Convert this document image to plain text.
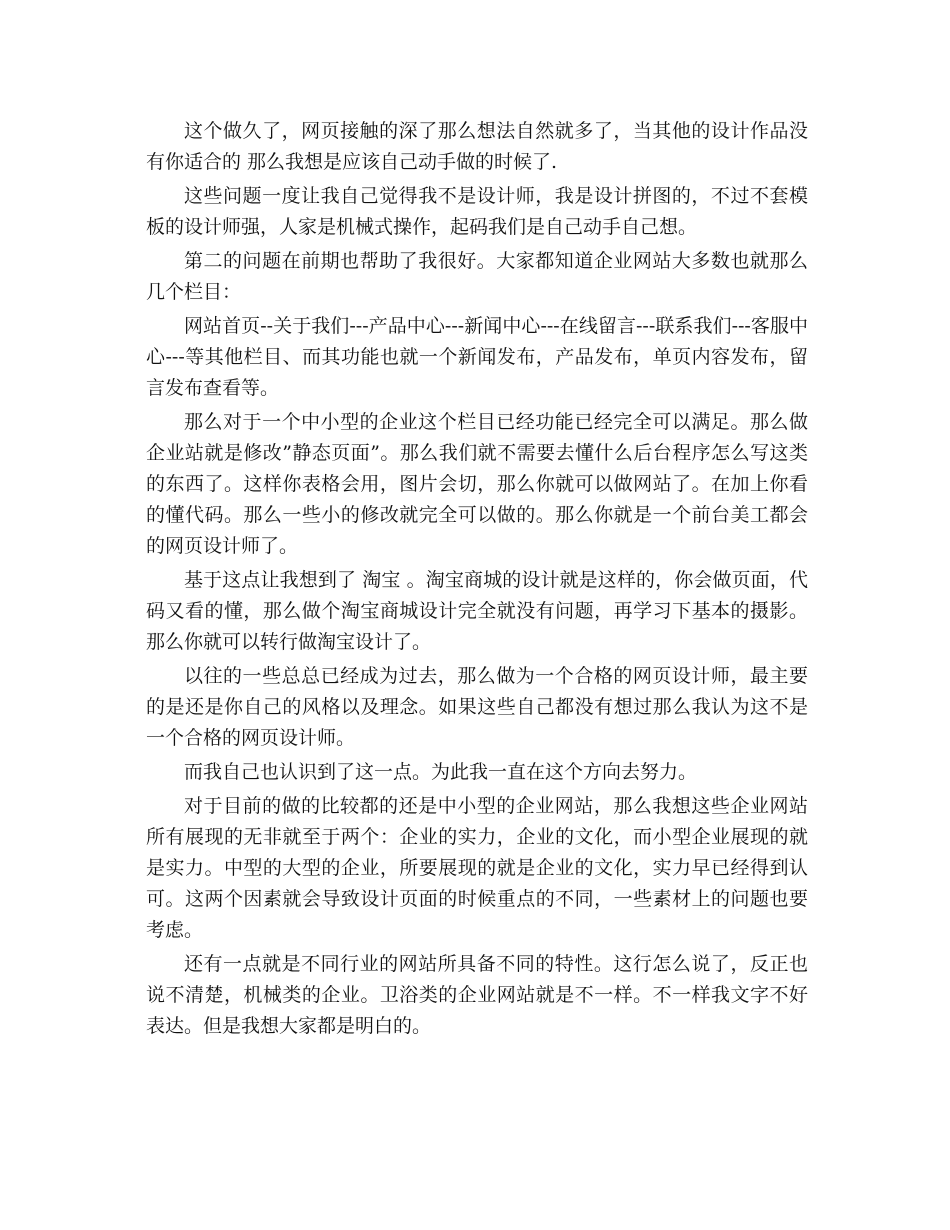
这个做久了，网页接触的深了那么想法自然就多了，当其他的设计作品没有你适合的 那么我想是应该自己动手做的时候了.

这些问题一度让我自己觉得我不是设计师，我是设计拼图的，不过不套模板的设计师强，人家是机械式操作，起码我们是自己动手自己想。

第二的问题在前期也帮助了我很好。大家都知道企业网站大多数也就那么几个栏目：

网站首页--关于我们---产品中心---新闻中心---在线留言---联系我们---客服中心---等其他栏目、而其功能也就一个新闻发布，产品发布，单页内容发布，留言发布查看等。

那么对于一个中小型的企业这个栏目已经功能已经完全可以满足。那么做企业站就是修改”静态页面”。那么我们就不需要去懂什么后台程序怎么写这类的东西了。这样你表格会用，图片会切，那么你就可以做网站了。在加上你看的懂代码。那么一些小的修改就完全可以做的。那么你就是一个前台美工都会的网页设计师了。

基于这点让我想到了 淘宝 。淘宝商城的设计就是这样的，你会做页面，代码又看的懂，那么做个淘宝商城设计完全就没有问题，再学习下基本的摄影。那么你就可以转行做淘宝设计了。

以往的一些总总已经成为过去，那么做为一个合格的网页设计师，最主要的是还是你自己的风格以及理念。如果这些自己都没有想过那么我认为这不是一个合格的网页设计师。

而我自己也认识到了这一点。为此我一直在这个方向去努力。

对于目前的做的比较都的还是中小型的企业网站，那么我想这些企业网站所有展现的无非就至于两个：企业的实力，企业的文化，而小型企业展现的就是实力。中型的大型的企业，所要展现的就是企业的文化，实力早已经得到认可。这两个因素就会导致设计页面的时候重点的不同，一些素材上的问题也要考虑。

还有一点就是不同行业的网站所具备不同的特性。这行怎么说了，反正也说不清楚，机械类的企业。卫浴类的企业网站就是不一样。不一样我文字不好表达。但是我想大家都是明白的。
